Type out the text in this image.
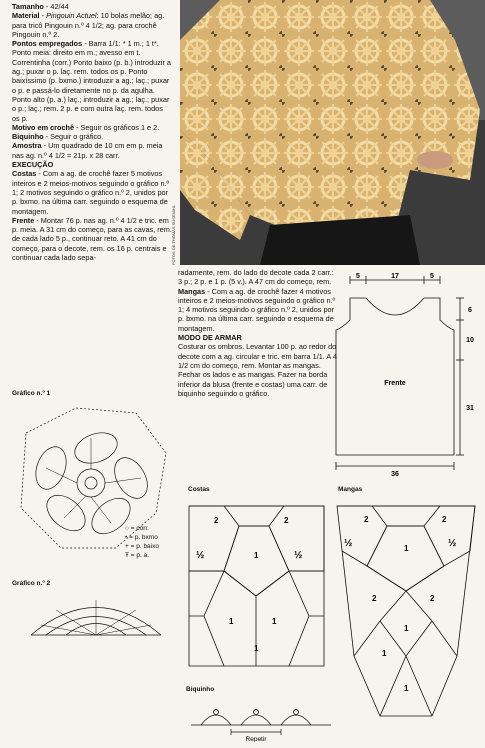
FOTOS DE THOMAS SUSEMIHL

Tamanho - 42/44

Material - Pingouin Actuel: 10 bolas melão; ag. para tricô Pingouin n.º 4 1/2; ag. para crochê Pingouin n.º 2.

Pontos empregados - Barra 1/1: * 1 m.; 1 t*. Ponto meia: direito em m.; avesso em t. Correntinha (corr.) Ponto baixo (p. b.) introduzir a ag.; puxar o p. laç. rem. todos os p. Ponto baixíssimo (p. bxmo.) introduzir a ag.; laç.; puxar o p. e passá-lo diretamente no p. da agulha. Ponto alto (p. a.) laç.; introduzir a ag.; laç.; puxar o p.; laç.; rem. 2 p. e com outra laç. rem. todos os p.

Motivo em crochê - Seguir os gráficos 1 e 2.

Biquinho - Seguir o gráfico.

Amostra - Um quadrado de 10 cm em p. meia nas ag. n.º 4 1/2 = 21p. x 28 carr.

EXECUÇÃO

Costas - Com a ag. de crochê fazer 5 motivos inteiros e 2 meios-motivos seguindo o gráfico n.º 1; 2 motivos seguindo o gráfico n.º 2, unidos por p. bxmo. na última carr. seguindo o esquema de montagem.

Frente - Montar 76 p. nas ag. n.º 4 1/2 e tric. em p. meia. A 31 cm do começo, para as cavas, rem. de cada lado 5 p., continuar reto. A 41 cm do começo, para o decote, rem. os 16 p. centrais e continuar cada lado sepa-

radamente, rem. do lado do decote cada 2 carr.: 3 p.; 2 p. e 1 p. (5 v.). A 47 cm do começo, rem.

Mangas - Com a ag. de crochê fazer 4 motivos inteiros e 2 meios-motivos seguindo o gráfico n.º 1; 4 motivos seguindo o gráfico n.º 2, unidos por p. bxmo. na última carr. seguindo o esquema de montagem.

MODO DE ARMAR

Costurar os ombros. Levantar 100 p. ao redor do decote com a ag. circular e tric. em barra 1/1. A 4 1/2 cm do começo, rem. Montar as mangas. Fechar os lados e as mangas. Fazer na borda inferior da blusa (frente e costas) uma carr. de biquinho seguindo o gráfico.

5	17	5
6
10
31
36
Frente
Gráfico n.º 1
○ = corr.
• = p. bxmo
+ = p. baixo
Ŧ = p. a.
Gráfico n.º 2
Costas
2	2
½	1
1
½
1
1
Mangas
2	2
½	1
1
½
2	2
1
1
Biquinho
Repetir
